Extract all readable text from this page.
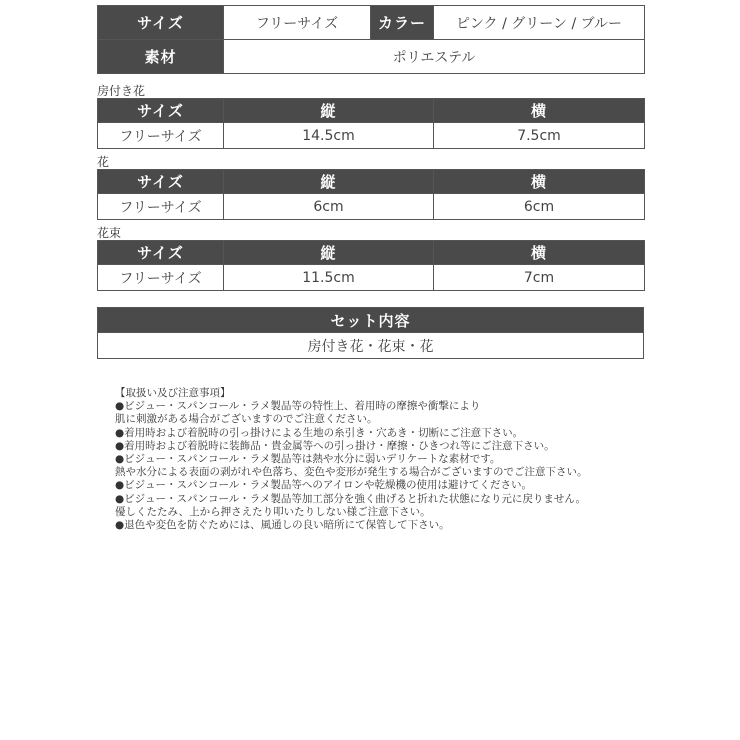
サイズ	フリーサイズ	カラー	ピンク / グリーン / ブルー
素材	ポリエステル		
房付き花
サイズ	縦	横
フリーサイズ	14.5cm	7.5cm
花
サイズ	縦	横
フリーサイズ	6cm	6cm
花束
サイズ	縦	横
フリーサイズ	11.5cm	7cm
セット内容
房付き花・花束・花
【取扱い及び注意事項】
●ビジュー・スパンコール・ラメ製品等の特性上、着用時の摩擦や衝撃により
肌に刺激がある場合がございますのでご注意ください。
●着用時および着脱時の引っ掛けによる生地の糸引き・穴あき・切断にご注意下さい。
●着用時および着脱時に装飾品・貴金属等への引っ掛け・摩擦・ひきつれ等にご注意下さい。
●ビジュー・スパンコール・ラメ製品等は熱や水分に弱いデリケートな素材です。
熱や水分による表面の剥がれや色落ち、変色や変形が発生する場合がございますのでご注意下さい。
●ビジュー・スパンコール・ラメ製品等へのアイロンや乾燥機の使用は避けてください。
●ビジュー・スパンコール・ラメ製品等加工部分を強く曲げると折れた状態になり元に戻りません。
優しくたたみ、上から押さえたり叩いたりしない様ご注意下さい。
●退色や変色を防ぐためには、風通しの良い暗所にて保管して下さい。
